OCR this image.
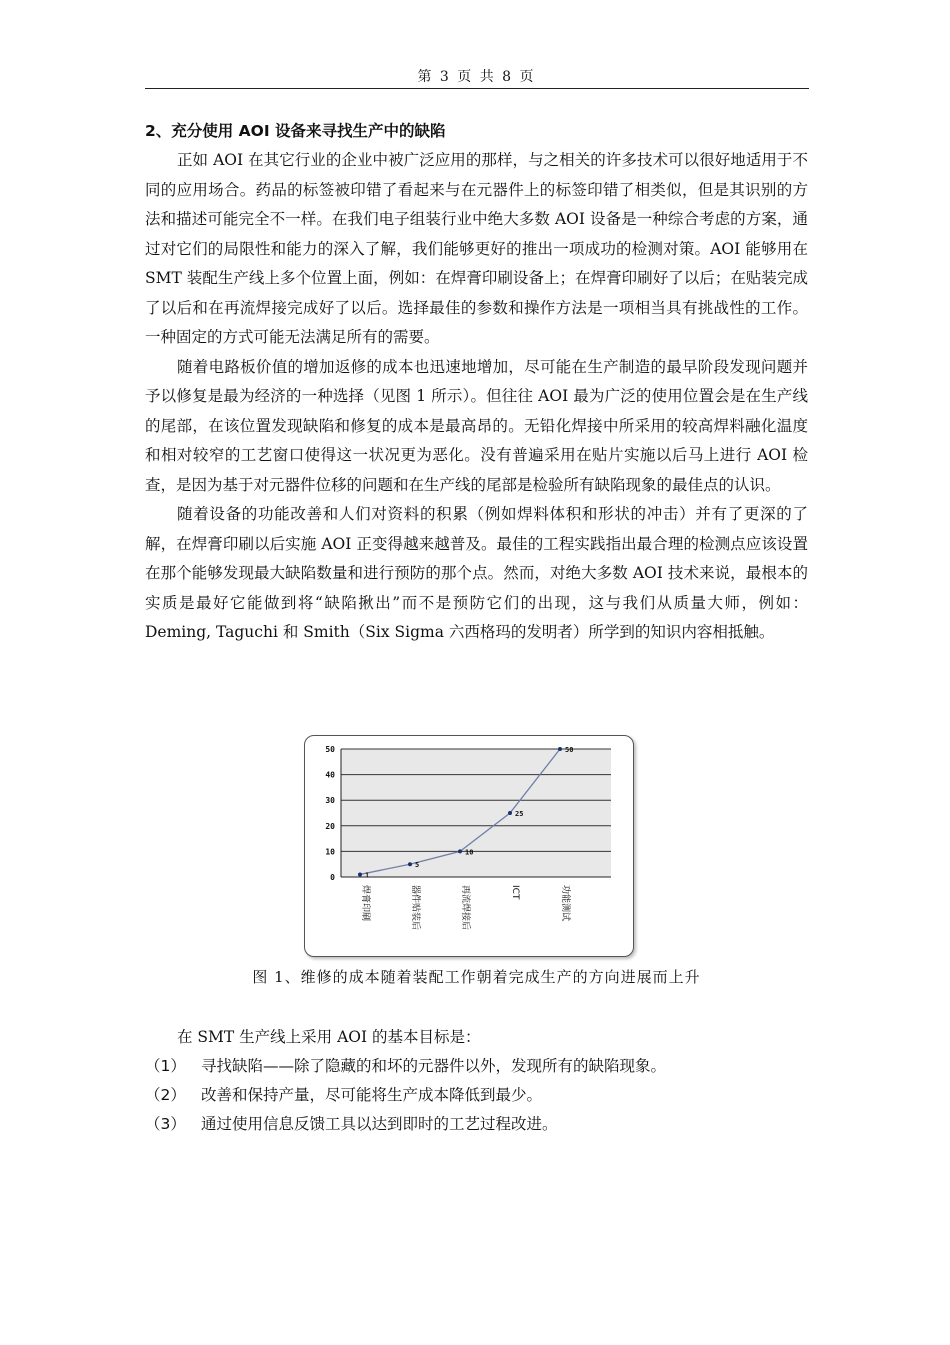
第 3 页 共 8 页

2、充分使用 AOI 设备来寻找生产中的缺陷

正如 AOI 在其它行业的企业中被广泛应用的那样，与之相关的许多技术可以很好地适用于不同的应用场合。药品的标签被印错了看起来与在元器件上的标签印错了相类似，但是其识别的方法和描述可能完全不一样。在我们电子组装行业中绝大多数 AOI 设备是一种综合考虑的方案，通过对它们的局限性和能力的深入了解，我们能够更好的推出一项成功的检测对策。AOI 能够用在 SMT 装配生产线上多个位置上面，例如：在焊膏印刷设备上；在焊膏印刷好了以后；在贴装完成了以后和在再流焊接完成好了以后。选择最佳的参数和操作方法是一项相当具有挑战性的工作。一种固定的方式可能无法满足所有的需要。

随着电路板价值的增加返修的成本也迅速地增加，尽可能在生产制造的最早阶段发现问题并予以修复是最为经济的一种选择（见图 1 所示）。但往往 AOI 最为广泛的使用位置会是在生产线的尾部，在该位置发现缺陷和修复的成本是最高昂的。无铅化焊接中所采用的较高焊料融化温度和相对较窄的工艺窗口使得这一状况更为恶化。没有普遍采用在贴片实施以后马上进行 AOI 检查，是因为基于对元器件位移的问题和在生产线的尾部是检验所有缺陷现象的最佳点的认识。

随着设备的功能改善和人们对资料的积累（例如焊料体积和形状的冲击）并有了更深的了解，在焊膏印刷以后实施 AOI 正变得越来越普及。最佳的工程实践指出最合理的检测点应该设置在那个能够发现最大缺陷数量和进行预防的那个点。然而，对绝大多数 AOI 技术来说，最根本的实质是最好它能做到将“缺陷揪出”而不是预防它们的出现，这与我们从质量大师，例如：Deming, Taguchi 和 Smith（Six Sigma 六西格玛的发明者）所学到的知识内容相抵触。

0
10
20
30
40
50
1
5
10
25
50
焊膏印刷	器件贴装后	再流焊接后	ICT	功能测试
图 1、维修的成本随着装配工作朝着完成生产的方向进展而上升

在 SMT 生产线上采用 AOI 的基本目标是：

（1） 寻找缺陷——除了隐藏的和坏的元器件以外，发现所有的缺陷现象。
（2） 改善和保持产量，尽可能将生产成本降低到最少。
（3） 通过使用信息反馈工具以达到即时的工艺过程改进。
